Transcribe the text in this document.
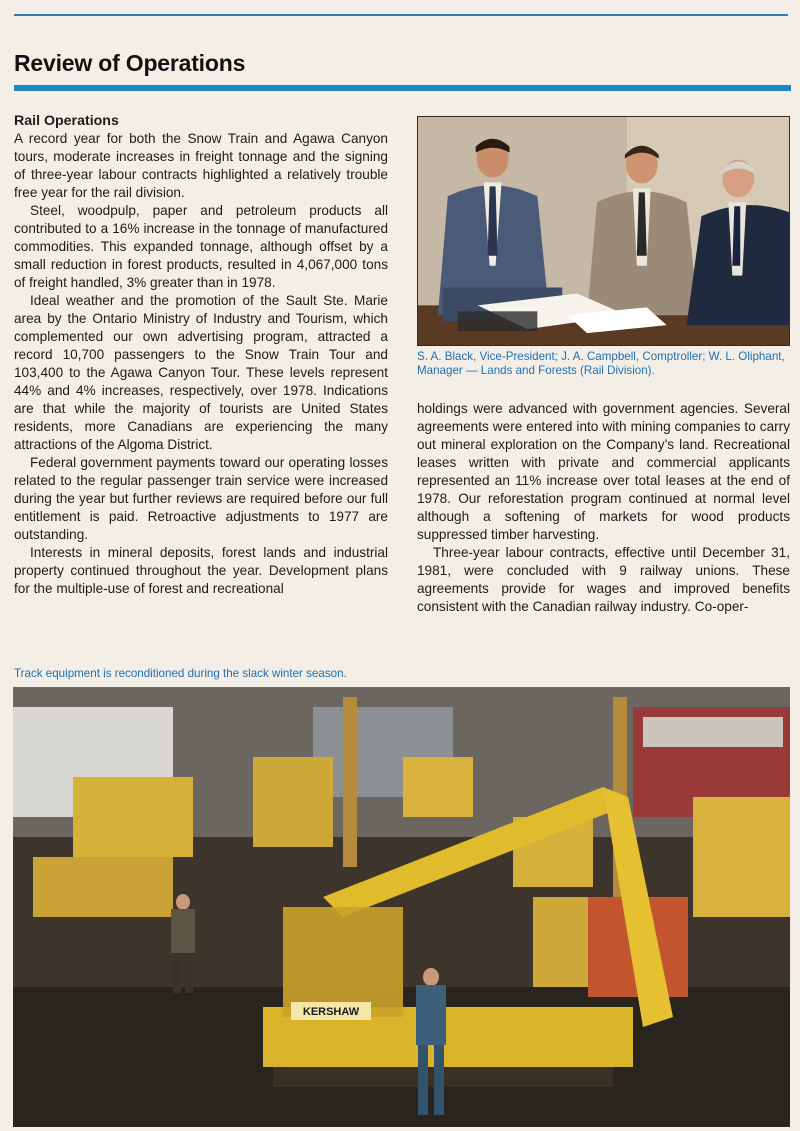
Review of Operations
Rail Operations

A record year for both the Snow Train and Agawa Canyon tours, moderate increases in freight tonnage and the signing of three-year labour contracts highlighted a relatively trouble free year for the rail division.

Steel, woodpulp, paper and petroleum products all contributed to a 16% increase in the tonnage of manufactured commodities. This expanded tonnage, although offset by a small reduction in forest products, resulted in 4,067,000 tons of freight handled, 3% greater than in 1978.

Ideal weather and the promotion of the Sault Ste. Marie area by the Ontario Ministry of Industry and Tourism, which complemented our own advertising program, attracted a record 10,700 passengers to the Snow Train Tour and 103,400 to the Agawa Canyon Tour. These levels represent 44% and 4% increases, respectively, over 1978. Indications are that while the majority of tourists are United States residents, more Canadians are experiencing the many attractions of the Algoma District.

Federal government payments toward our operating losses related to the regular passenger train service were increased during the year but further reviews are required before our full entitlement is paid. Retroactive adjustments to 1977 are outstanding.

Interests in mineral deposits, forest lands and industrial property continued throughout the year. Development plans for the multiple-use of forest and recreational

S. A. Black, Vice-President; J. A. Campbell, Comptroller; W. L. Oliphant, Manager — Lands and Forests (Rail Division).

holdings were advanced with government agencies. Several agreements were entered into with mining companies to carry out mineral exploration on the Company’s land. Recreational leases written with private and commercial applicants represented an 11% increase over total leases at the end of 1978. Our reforestation program continued at normal level although a softening of markets for wood products suppressed timber harvesting.

Three-year labour contracts, effective until December 31, 1981, were concluded with 9 railway unions. These agreements provide for wages and improved benefits consistent with the Canadian railway industry. Co-oper-

Track equipment is reconditioned during the slack winter season.

KERSHAW
